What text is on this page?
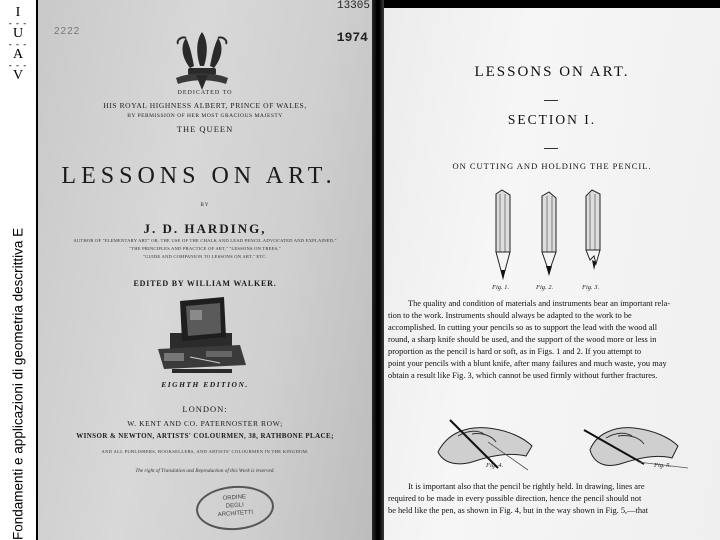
I
- - -
U
- - -
A
- - -
V
Fondamenti e applicazioni di geometria descrittiva E
2222
13305
1974
DEDICATED TO
HIS ROYAL HIGHNESS ALBERT, PRINCE OF WALES,
BY PERMISSION OF HER MOST GRACIOUS MAJESTY
THE QUEEN
LESSONS ON ART.
BY
J. D. HARDING,
AUTHOR OF "ELEMENTARY ART" OR, THE USE OF THE CHALK AND LEAD PENCIL ADVOCATED AND EXPLAINED,"
"THE PRINCIPLES AND PRACTICE OF ART," "LESSONS ON TREES,"
"GUIDE AND COMPANION TO LESSONS ON ART," ETC.
EDITED BY WILLIAM WALKER.
EIGHTH EDITION.
LONDON:
W. KENT AND CO. PATERNOSTER ROW;
WINSOR & NEWTON, ARTISTS' COLOURMEN, 38, RATHBONE PLACE;
AND ALL PUBLISHERS, BOOKSELLERS, AND ARTISTS' COLOURMEN IN THE KINGDOM.
The right of Translation and Reproduction of this Work is reserved.
ORDINE
DEGLI
ARCHITETTI
LESSONS ON ART.
SECTION I.
ON CUTTING AND HOLDING THE PENCIL.
Fig. 1.	Fig. 2.	Fig. 3.
The quality and condition of materials and instruments bear an important rela-
tion to the work. Instruments should always be adapted to the work to be
accomplished. In cutting your pencils so as to support the lead with the wood all
round, a sharp knife should be used, and the support of the wood more or less in
proportion as the pencil is hard or soft, as in Figs. 1 and 2. If you attempt to
point your pencils with a blunt knife, after many failures and much waste, you may
obtain a result like Fig. 3, which cannot be used firmly without further fractures.
Fig. 4.	Fig. 5.
It is important also that the pencil be rightly held. In drawing, lines are
required to be made in every possible direction, hence the pencil should not
be held like the pen, as shown in Fig. 4, but in the way shown in Fig. 5,—that
